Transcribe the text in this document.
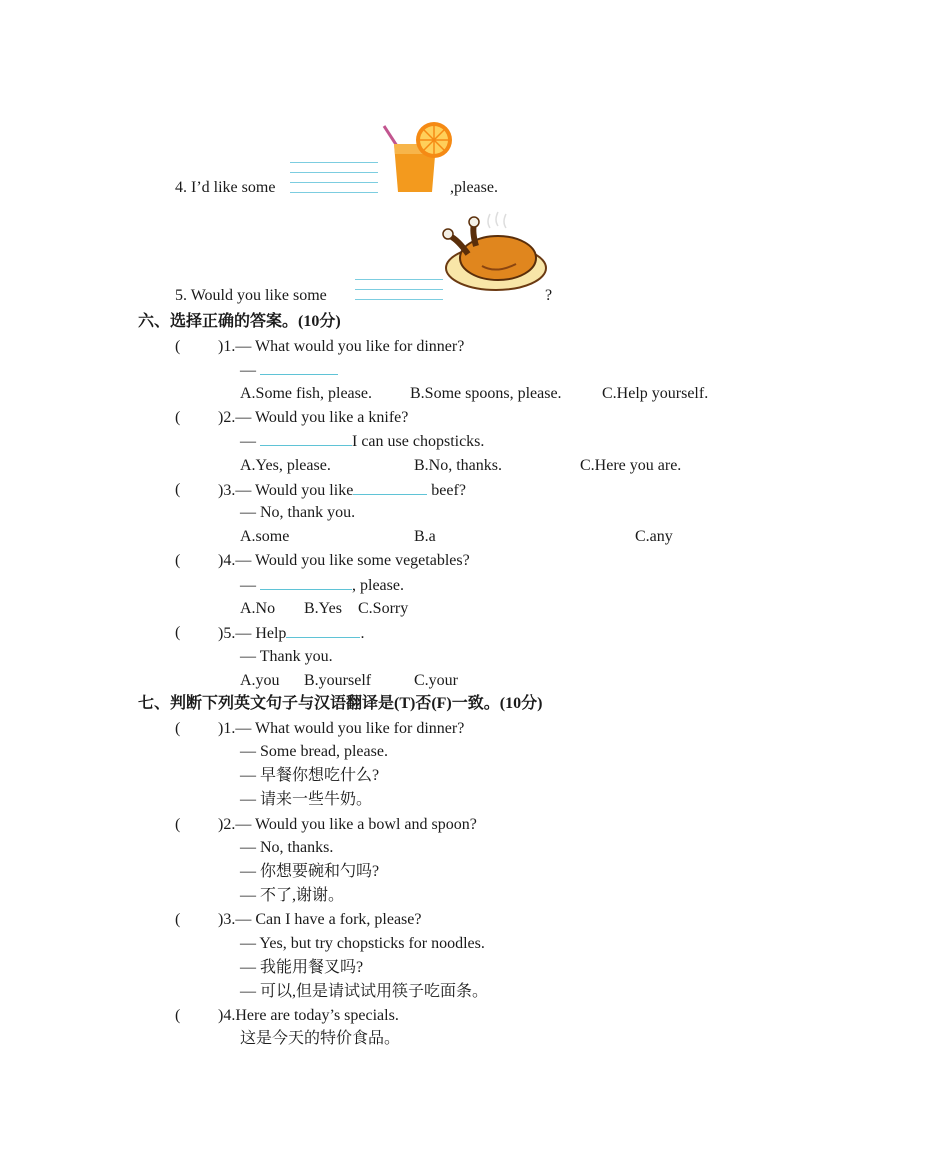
4. I’d like some	,please.
5. Would you like some	?
六、选择正确的答案。(10分)
( )1.— What would you like for dinner?
—
A.Some fish, please. B.Some spoons, please.	C.Help yourself.
( )2.— Would you like a knife?
—	I can use chopsticks.
A.Yes, please.	B.No, thanks.	C.Here you are.
( )3.— Would you like	beef?
— No, thank you.
A.some	B.a	C.any
( )4.— Would you like some vegetables?
—	, please.
A.No B.Yes C.Sorry
( )5.— Help	.
— Thank you.
A.you B.yourself	C.your
七、判断下列英文句子与汉语翻译是(T)否(F)一致。(10分)
( )1.— What would you like for dinner?
— Some bread, please.
— 早餐你想吃什么?
— 请来一些牛奶。
( )2.— Would you like a bowl and spoon?
— No, thanks.
— 你想要碗和勺吗?
— 不了,谢谢。
( )3.— Can I have a fork, please?
— Yes, but try chopsticks for noodles.
— 我能用餐叉吗?
— 可以,但是请试试用筷子吃面条。
( )4.Here are today’s specials.
这是今天的特价食品。
